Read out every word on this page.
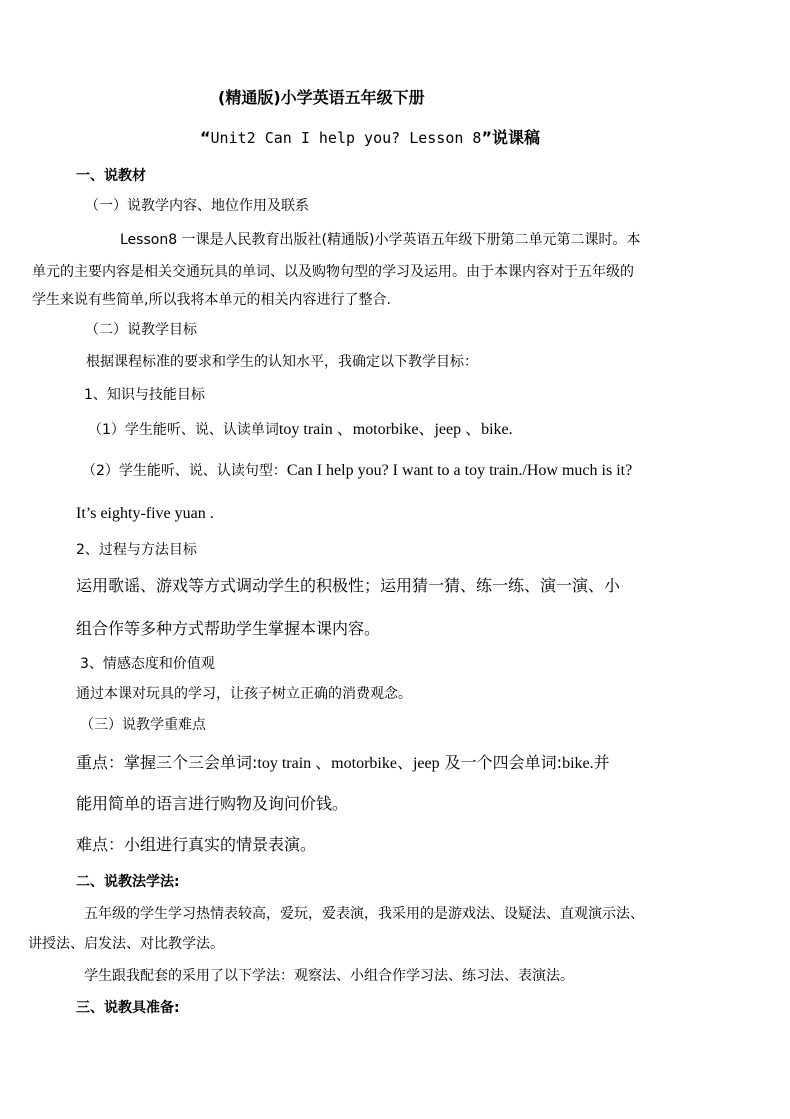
(精通版)小学英语五年级下册
“Unit2 Can I help you? Lesson 8”说课稿
一、说教材
（一）说教学内容、地位作用及联系
Lesson8 一课是人民教育出版社(精通版)小学英语五年级下册第二单元第二课时。本
单元的主要内容是相关交通玩具的单词、以及购物句型的学习及运用。由于本课内容对于五年级的
学生来说有些简单,所以我将本单元的相关内容进行了整合.
（二）说教学目标
根据课程标准的要求和学生的认知水平，我确定以下教学目标：
1、知识与技能目标
（1）学生能听、说、认读单词toy train 、motorbike、jeep 、bike.
（2）学生能听、说、认读句型：Can I help you? I want to a toy train./How much is it?
It’s eighty-five yuan .
2、过程与方法目标
运用歌谣、游戏等方式调动学生的积极性；运用猜一猜、练一练、演一演、小
组合作等多种方式帮助学生掌握本课内容。
3、情感态度和价值观
通过本课对玩具的学习，让孩子树立正确的消费观念。
（三）说教学重难点
重点：掌握三个三会单词:toy train 、motorbike、jeep 及一个四会单词:bike.并
能用简单的语言进行购物及询问价钱。
难点：小组进行真实的情景表演。
二、说教法学法:
五年级的学生学习热情表较高，爱玩，爱表演，我采用的是游戏法、设疑法、直观演示法、
讲授法、启发法、对比教学法。
学生跟我配套的采用了以下学法：观察法、小组合作学习法、练习法、表演法。
三、说教具准备:
